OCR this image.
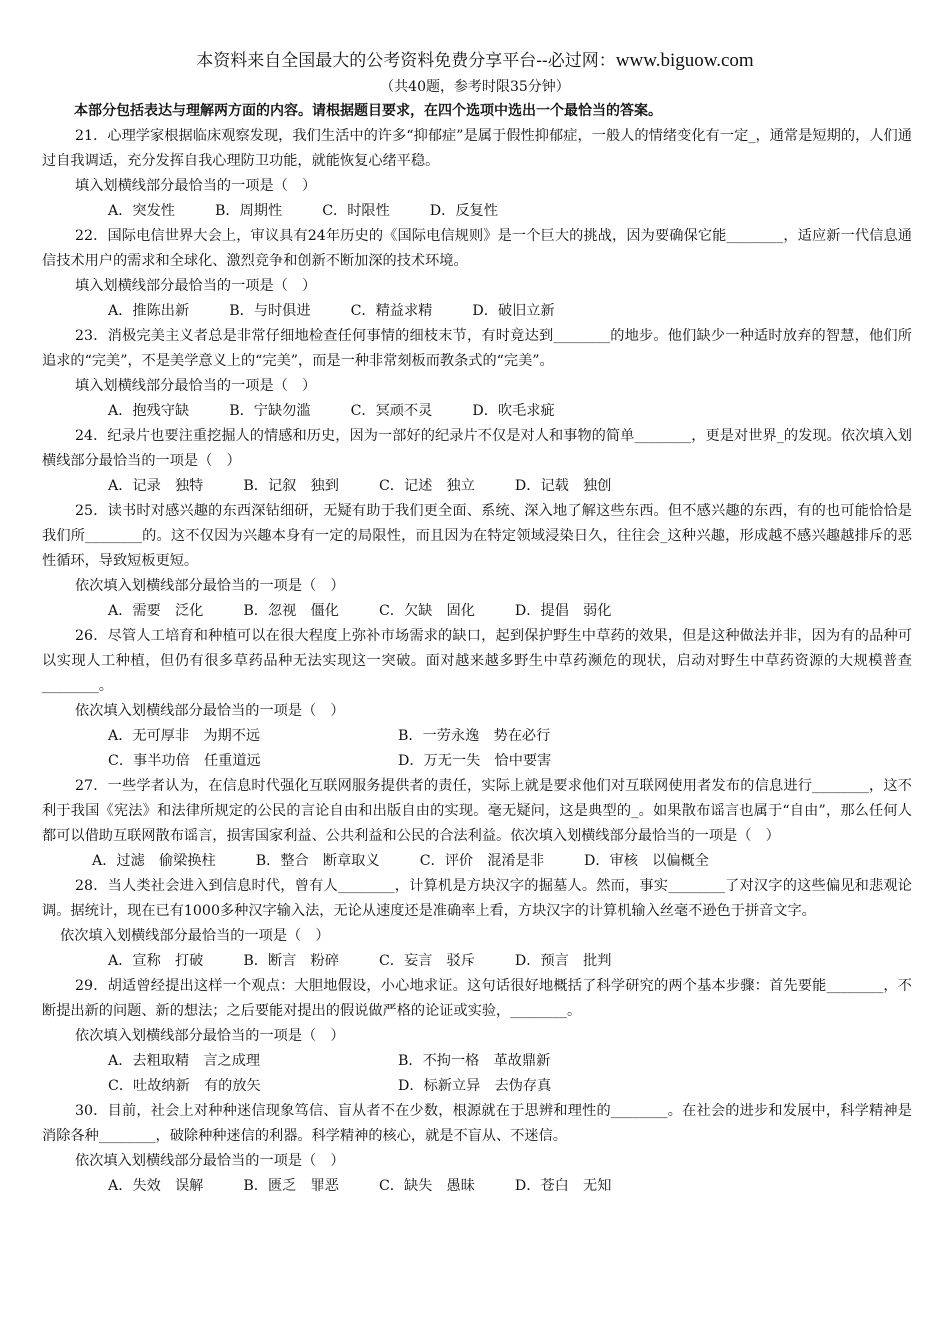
本资料来自全国最大的公考资料免费分享平台--必过网：www.biguow.com
（共40题，参考时限35分钟）
本部分包括表达与理解两方面的内容。请根据题目要求，在四个选项中选出一个最恰当的答案。

21．心理学家根据临床观察发现，我们生活中的许多“抑郁症”是属于假性抑郁症，一般人的情绪变化有一定_，通常是短期的，人们通过自我调适，充分发挥自我心理防卫功能，就能恢复心绪平稳。

填入划横线部分最恰当的一项是（　）

A．突发性	B．周期性	C．时限性	D．反复性

22．国际电信世界大会上，审议具有24年历史的《国际电信规则》是一个巨大的挑战，因为要确保它能________，适应新一代信息通信技术用户的需求和全球化、激烈竞争和创新不断加深的技术环境。

填入划横线部分最恰当的一项是（　）

A．推陈出新	B．与时俱进	C．精益求精	D．破旧立新

23．消极完美主义者总是非常仔细地检查任何事情的细枝末节，有时竟达到________的地步。他们缺少一种适时放弃的智慧，他们所追求的“完美”，不是美学意义上的“完美”，而是一种非常刻板而教条式的“完美”。

填入划横线部分最恰当的一项是（　）

A．抱残守缺	B．宁缺勿滥	C．冥顽不灵	D．吹毛求疵

24．纪录片也要注重挖掘人的情感和历史，因为一部好的纪录片不仅是对人和事物的简单________，更是对世界_的发现。依次填入划横线部分最恰当的一项是（　）

A．记录　独特	B．记叙　独到	C．记述　独立	D．记载　独创

25．读书时对感兴趣的东西深钻细研，无疑有助于我们更全面、系统、深入地了解这些东西。但不感兴趣的东西，有的也可能恰恰是我们所________的。这不仅因为兴趣本身有一定的局限性，而且因为在特定领域浸染日久，往往会_这种兴趣，形成越不感兴趣越排斥的恶性循环，导致短板更短。

依次填入划横线部分最恰当的一项是（　）

A．需要　泛化	B．忽视　僵化	C．欠缺　固化	D．提倡　弱化

26．尽管人工培育和种植可以在很大程度上弥补市场需求的缺口，起到保护野生中草药的效果，但是这种做法并非，因为有的品种可以实现人工种植，但仍有很多草药品种无法实现这一突破。面对越来越多野生中草药濒危的现状，启动对野生中草药资源的大规模普查________。

依次填入划横线部分最恰当的一项是（　）

A．无可厚非　为期不远	B．一劳永逸　势在必行
C．事半功倍　任重道远	D．万无一失　恰中要害

27．一些学者认为，在信息时代强化互联网服务提供者的责任，实际上就是要求他们对互联网使用者发布的信息进行________，这不利于我国《宪法》和法律所规定的公民的言论自由和出版自由的实现。毫无疑问，这是典型的_。如果散布谣言也属于“自由”，那么任何人都可以借助互联网散布谣言，损害国家利益、公共利益和公民的合法利益。依次填入划横线部分最恰当的一项是（　）

A．过滤　偷梁换柱	B．整合　断章取义	C．评价　混淆是非	D．审核　以偏概全

28．当人类社会进入到信息时代，曾有人________，计算机是方块汉字的掘墓人。然而，事实________了对汉字的这些偏见和悲观论调。据统计，现在已有1000多种汉字输入法，无论从速度还是准确率上看，方块汉字的计算机输入丝毫不逊色于拼音文字。

依次填入划横线部分最恰当的一项是（　）

A．宣称　打破	B．断言　粉碎	C．妄言　驳斥	D．预言　批判

29．胡适曾经提出这样一个观点：大胆地假设，小心地求证。这句话很好地概括了科学研究的两个基本步骤：首先要能________，不断提出新的问题、新的想法；之后要能对提出的假说做严格的论证或实验，________。

依次填入划横线部分最恰当的一项是（　）

A．去粗取精　言之成理	B．不拘一格　革故鼎新
C．吐故纳新　有的放矢	D．标新立异　去伪存真

30．目前，社会上对种种迷信现象笃信、盲从者不在少数，根源就在于思辨和理性的________。在社会的进步和发展中，科学精神是消除各种________，破除种种迷信的利器。科学精神的核心，就是不盲从、不迷信。

依次填入划横线部分最恰当的一项是（　）

A．失效　误解	B．匮乏　罪恶	C．缺失　愚昧	D．苍白　无知
